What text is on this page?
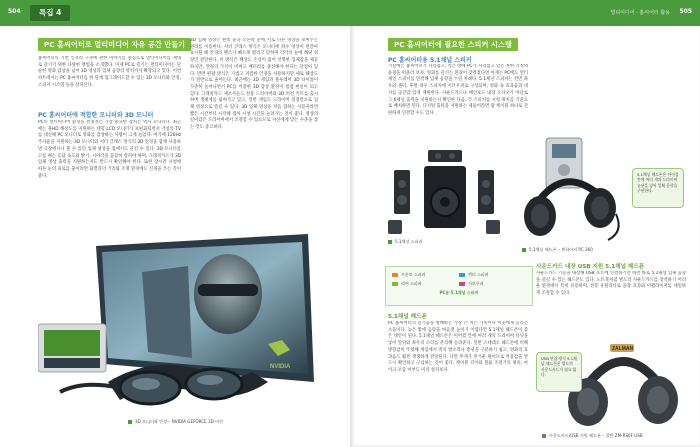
504	특집 4
PC 홈씨어터로 멀티미디어 자유 공간 만들기

홈씨어터의 기반 인프라 구축에 관한 이야기를 중심으로 멀티미디어를 제대로 즐기기 위한 다양한 방법을 소개했다. 이제 PC로 즐기는 멀티미디어는 단순한 영화 감상을 넘어 3D 영상과 입체 음향의 영역까지 확장되고 있다. 이번 파트에서는 PC 홈씨어터를 한 단계 업그레이드할 수 있는 3D 모니터와 안경, 스피커 시스템 등을 살펴본다.

PC 홈씨어터에 적합한 모니터와 3D 모니터

PC의 멀티미디어 환경을 결정짓는 가장 중요한 장치는 역시 모니터다. 최근에는 풀HD 해상도를 지원하는 대형 LCD 모니터가 보편화되면서 거실의 TV를 대신해 PC 모니터로 영화를 감상하는 사람이 크게 늘었다. 여기에 120Hz 주사율을 지원하는 3D 모니터와 셔터 글래스 방식의 3D 안경을 함께 사용하면 극장에서나 볼 수 있던 입체 영상을 집에서도 즐길 수 있다. 3D 모니터를 고를 때는 응답 속도와 밝기, 시야각을 꼼꼼히 살펴야 하며, 그래픽카드가 3D 입체 영상 출력을 지원하는지도 반드시 확인해야 한다. 또한 장시간 시청에 따른 눈의 피로를 줄이려면 화면과의 거리와 조명 환경에도 신경을 쓰는 것이 좋다.

3D 입체 영상은 왼쪽 눈과 오른쪽 눈에 서로 다른 영상을 보여주는 원리를 이용한다. 셔터 글래스 방식은 모니터에 좌우 영상이 번갈아 표시될 때 안경의 렌즈가 빠르게 열리고 닫히며 각각의 눈에 해당 영상만 전달한다. 이 방식은 해상도 손실이 없어 선명한 입체감을 제공하지만, 안경의 가격이 비싸고 배터리를 충전해야 한다는 단점이 있다. 반면 편광 방식은 가볍고 저렴한 안경을 사용하지만 세로 해상도가 절반으로 줄어든다. 최근에는 3D 게임과 블루레이 3D 타이틀이 꾸준히 늘어나면서 PC를 이용한 3D 감상 환경이 점점 현실이 되고 있다. 그래픽카드 제조사들도 전용 드라이버와 3D 비전 키트를 출시하며 생태계를 넓혀가고 있고, 일반 게임도 드라이버 설정만으로 입체 영상으로 즐길 수 있다. 3D 입체 영상을 처음 접하는 사용자라면 짧은 시간부터 시작해 점차 시청 시간을 늘려가는 것이 좋다. 영상의 깊이감은 드라이버에서 조절할 수 있으므로 자신에게 맞는 수준을 찾는 것도 중요하다.

NVIDIA
3D 모니터와 안경 – NVIDIA GEFORCE 3D 비전
멀티미디어 · 홈씨어터 활용 505
PC 홈씨어터에 필요한 스피커 시스템
PC 홈씨어터용 5.1채널 스피커

거실에는 홈씨어터가 자리잡고, 작은 방에 PC가 자리잡고 있는 흔한 가정의 풍경을 떠올려 보자. 영화를 즐기는 환경이 갖춰졌다면 이제는 PC에도 멀티채널 스피커를 연결해 입체 음향을 누릴 차례다. 5.1채널 스피커는 전면 좌우와 센터, 후면 좌우 스피커에 서브우퍼로 구성되며, 영화 속 효과음과 대사를 공간감 있게 재현한다. 사운드카드나 메인보드 내장 오디오가 아날로그 6채널 출력을 지원하는지 확인한 다음, 각 스피커를 시청 위치를 기준으로 배치하면 된다. 디지털 출력을 지원하는 제품이라면 광 케이블 하나로 간편하게 연결할 수도 있다.

5.1채널 헤드폰은 이어컵 안에 여러 개의 드라이버 유닛을 넣어 입체 음향을 구현한다.
5.1채널 헤드폰 – 젠하이저 PC 360
프론트 스피커	센터 스피커
리어 스피커	서브우퍼
PC용 5.1채널 스피커
5.1채널 스피커
5.1채널 헤드폰

PC 홈씨어터의 즐거움을 방해하는 가장 큰 적은 가족이나 이웃에게 들리는 소음이다. 늦은 밤에 음량을 마음껏 높이기 어렵다면 5.1채널 헤드폰이 좋은 대안이 된다. 5.1채널 헤드폰은 이어컵 안에 여러 개의 드라이버 유닛을 넣어 앞뒤와 좌우의 소리를 분리해 들려준다. 일반 스테레오 헤드폰에 비해 방향감이 뚜렷해 게임에서 적의 발소리나 총성을 구분하기 쉽고, 영화의 효과음도 훨씬 생생하게 전달된다. 다만 무게가 무거운 편이므로 착용감을 반드시 확인하고 구입하는 것이 좋다. 케이블 길이와 볼륨 조절기의 위치, 마이크 포함 여부도 미리 살펴보자.

사운드카드 내장 USB 지원 5.1채널 헤드폰

사운드카드 기능을 내장해 USB 포트에 연결하기만 하면 바로 5.1채널 입체 음향을 즐길 수 있는 헤드폰도 있다. 노트북처럼 별도의 사운드카드를 장착하기 어려운 환경에서 특히 유용하며, 전용 유틸리티로 음장 효과와 이퀄라이저를 세밀하게 조절할 수 있다.

ZALMAN
USB 연결 방식 5.1채널 헤드폰은 별도의 사운드카드가 필요 없다.
사운드카드/USB 지원 헤드폰 – 잘만 ZM-RS6F USB
